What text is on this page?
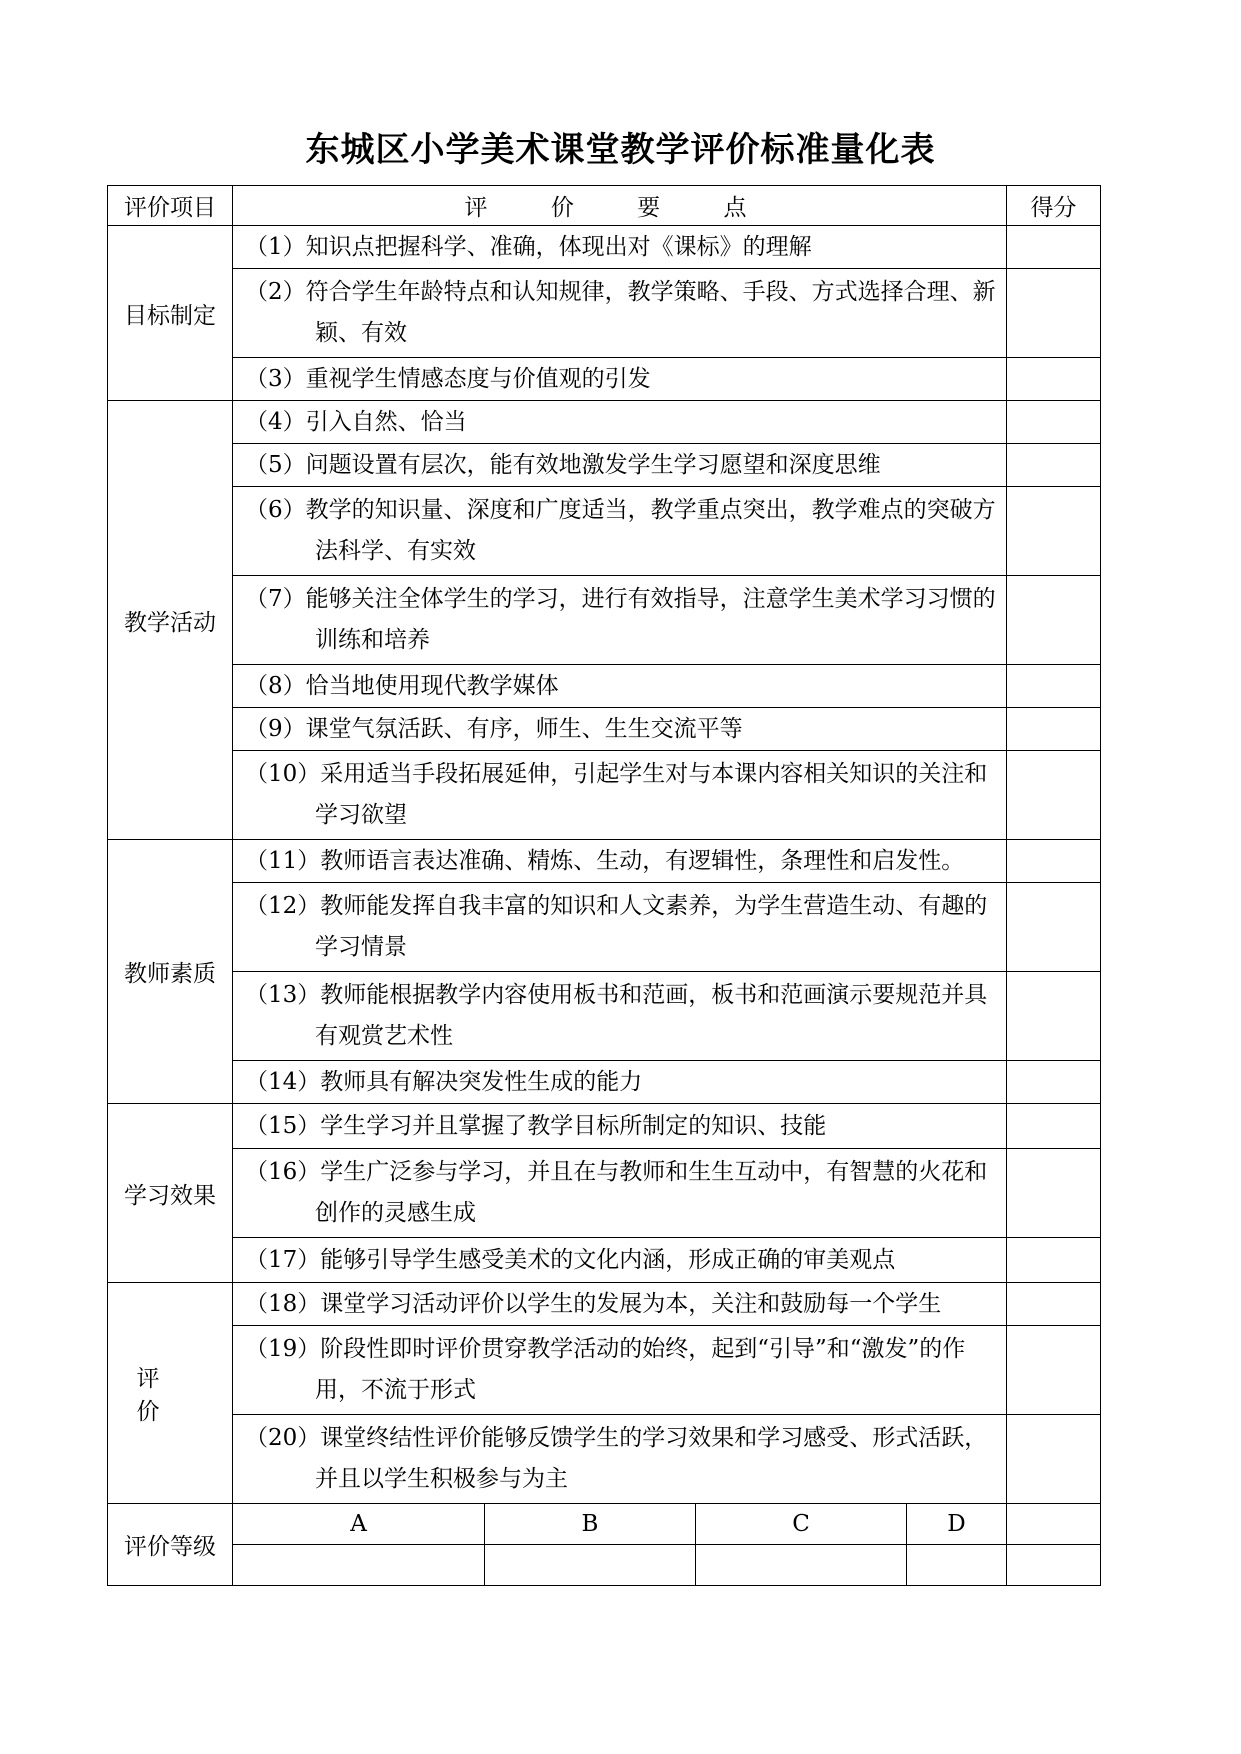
东城区小学美术课堂教学评价标准量化表
评价项目	评 价 要 点				得分
目标制定	（1）知识点把握科学、准确，体现出对《课标》的理解				
	（2）符合学生年龄特点和认知规律，教学策略、手段、方式选择合理、新颖、有效				
	（3）重视学生情感态度与价值观的引发				
教学活动	（4）引入自然、恰当				
	（5）问题设置有层次，能有效地激发学生学习愿望和深度思维				
	（6）教学的知识量、深度和广度适当，教学重点突出，教学难点的突破方法科学、有实效				
	（7）能够关注全体学生的学习，进行有效指导，注意学生美术学习习惯的训练和培养				
	（8）恰当地使用现代教学媒体				
	（9）课堂气氛活跃、有序，师生、生生交流平等				
	（10）采用适当手段拓展延伸，引起学生对与本课内容相关知识的关注和学习欲望				
教师素质	（11）教师语言表达准确、精炼、生动，有逻辑性，条理性和启发性。				
	（12）教师能发挥自我丰富的知识和人文素养，为学生营造生动、有趣的学习情景				
	（13）教师能根据教学内容使用板书和范画，板书和范画演示要规范并具有观赏艺术性				
	（14）教师具有解决突发性生成的能力				
学习效果	（15）学生学习并且掌握了教学目标所制定的知识、技能				
	（16）学生广泛参与学习，并且在与教师和生生互动中，有智慧的火花和创作的灵感生成				
	（17）能够引导学生感受美术的文化内涵，形成正确的审美观点				
评 价	（18）课堂学习活动评价以学生的发展为本，关注和鼓励每一个学生				
	（19）阶段性即时评价贯穿教学活动的始终，起到“引导”和“激发”的作用，不流于形式				
	（20）课堂终结性评价能够反馈学生的学习效果和学习感受、形式活跃，并且以学生积极参与为主				
评价等级	A	B	C	D	
